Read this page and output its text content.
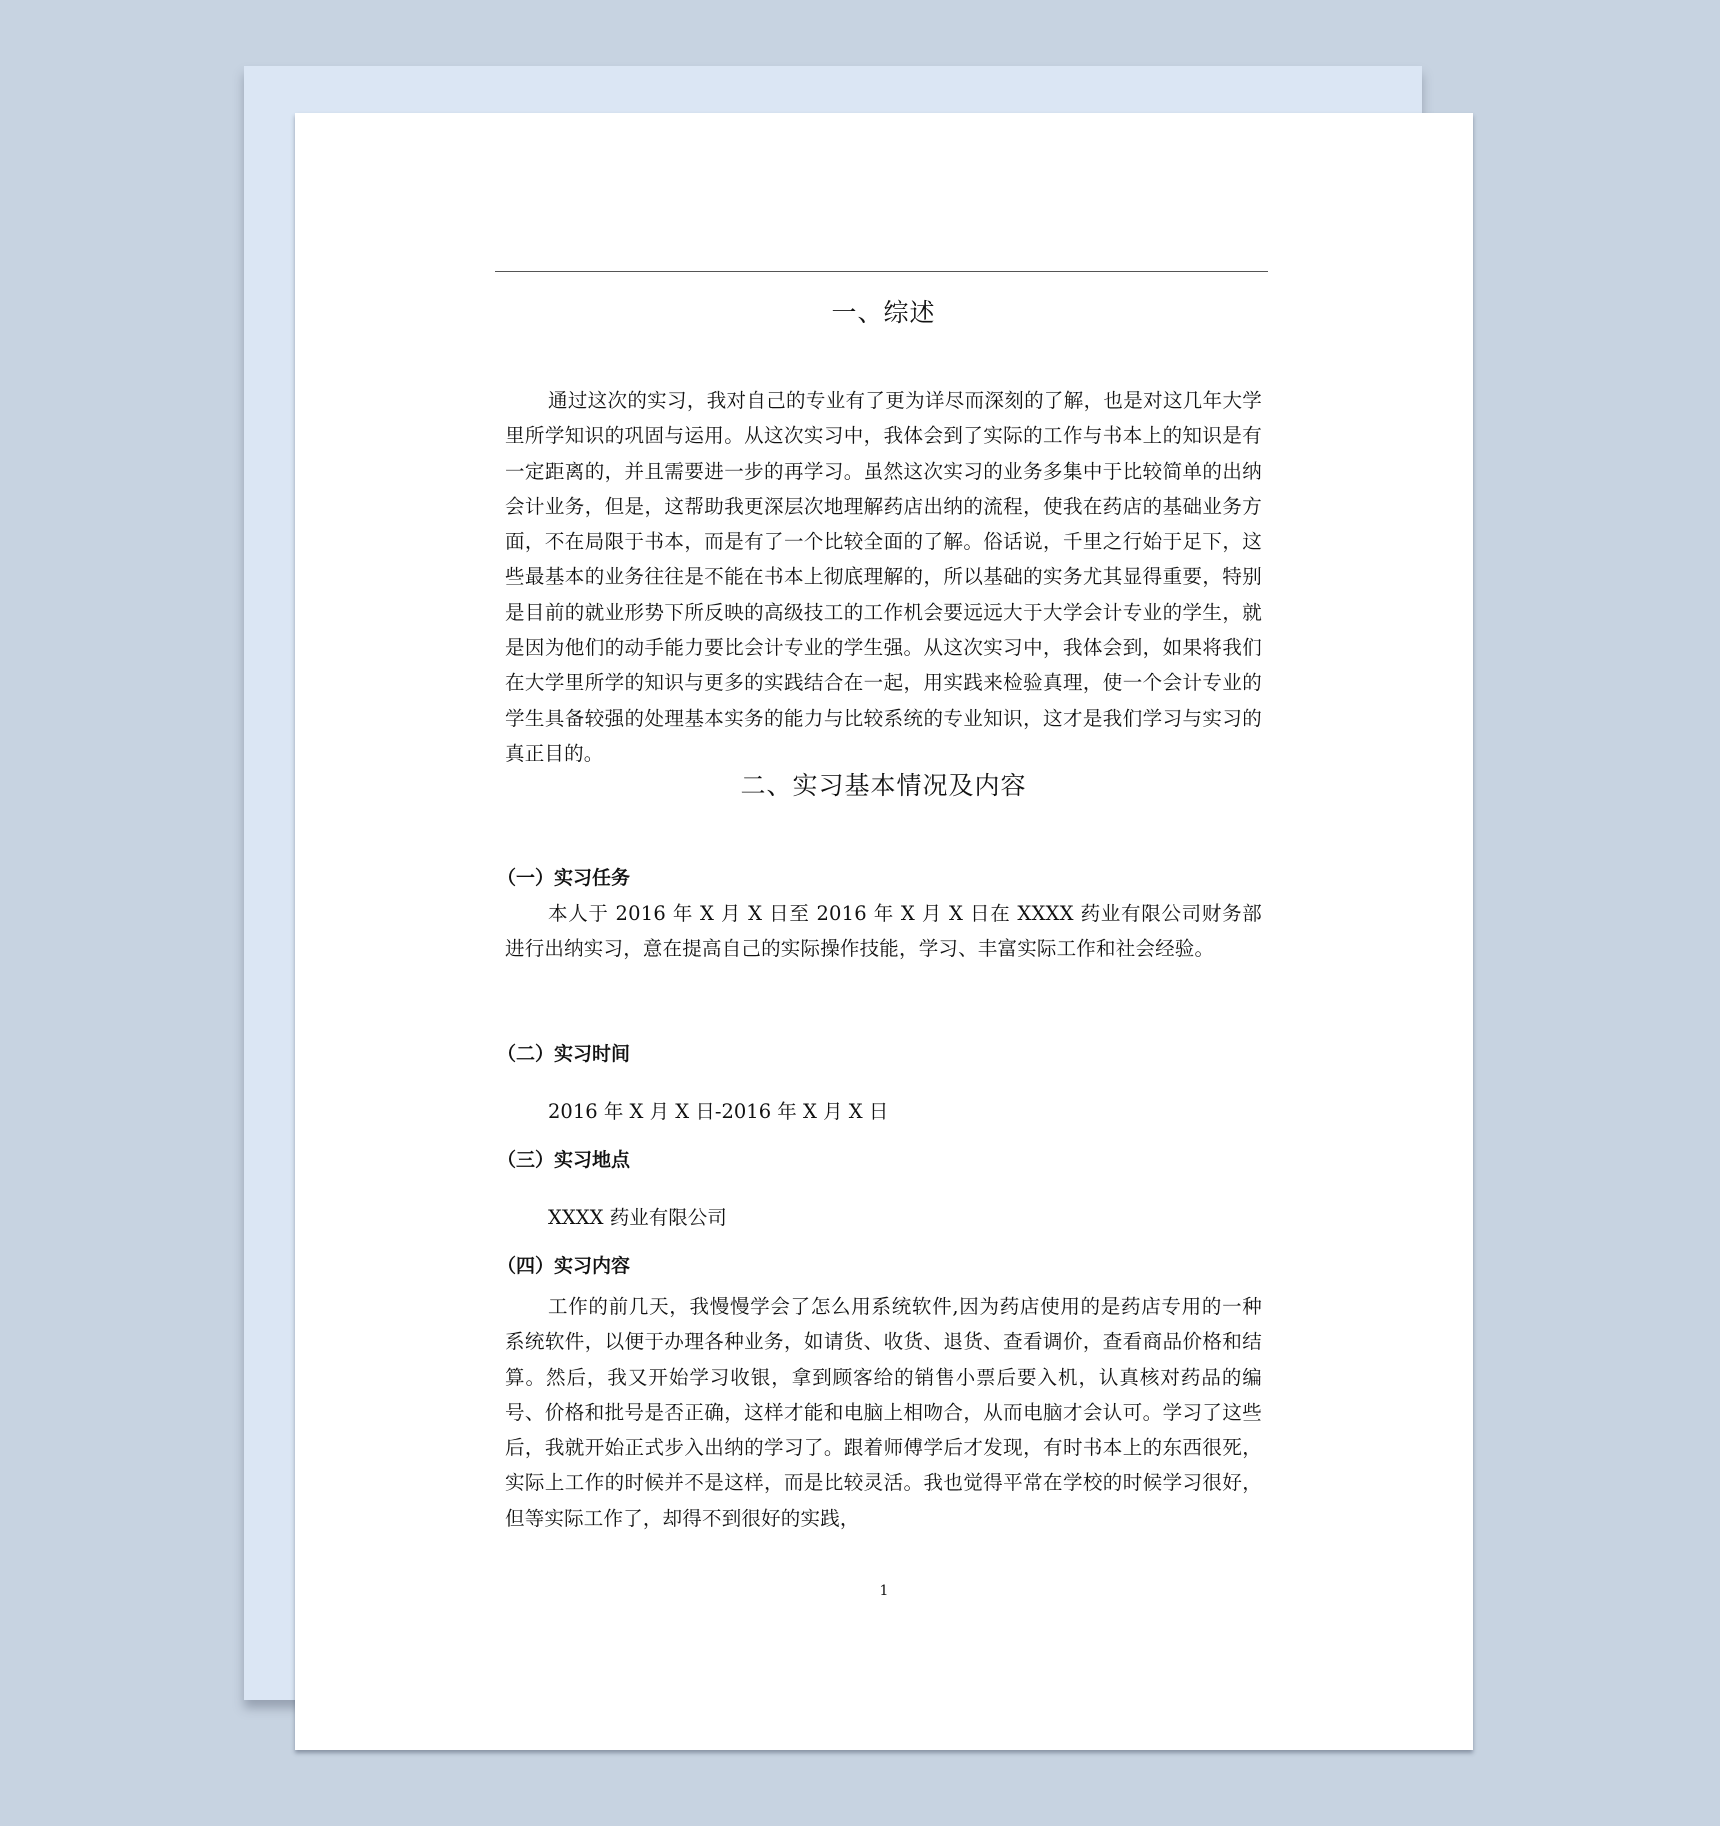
一、综述

通过这次的实习，我对自己的专业有了更为详尽而深刻的了解，也是对这几年大学里所学知识的巩固与运用。从这次实习中，我体会到了实际的工作与书本上的知识是有一定距离的，并且需要进一步的再学习。虽然这次实习的业务多集中于比较简单的出纳会计业务，但是，这帮助我更深层次地理解药店出纳的流程，使我在药店的基础业务方面，不在局限于书本，而是有了一个比较全面的了解。俗话说，千里之行始于足下，这些最基本的业务往往是不能在书本上彻底理解的，所以基础的实务尤其显得重要，特别是目前的就业形势下所反映的高级技工的工作机会要远远大于大学会计专业的学生，就是因为他们的动手能力要比会计专业的学生强。从这次实习中，我体会到，如果将我们在大学里所学的知识与更多的实践结合在一起，用实践来检验真理，使一个会计专业的学生具备较强的处理基本实务的能力与比较系统的专业知识，这才是我们学习与实习的真正目的。

二、实习基本情况及内容
（一）实习任务

本人于 2016 年 X 月 X 日至 2016 年 X 月 X 日在 XXXX 药业有限公司财务部进行出纳实习，意在提高自己的实际操作技能，学习、丰富实际工作和社会经验。

（二）实习时间

2016 年 X 月 X 日-2016 年 X 月 X 日

（三）实习地点

XXXX 药业有限公司

（四）实习内容

工作的前几天，我慢慢学会了怎么用系统软件,因为药店使用的是药店专用的一种系统软件，以便于办理各种业务，如请货、收货、退货、查看调价，查看商品价格和结算。然后，我又开始学习收银，拿到顾客给的销售小票后要入机，认真核对药品的编号、价格和批号是否正确，这样才能和电脑上相吻合，从而电脑才会认可。学习了这些后，我就开始正式步入出纳的学习了。跟着师傅学后才发现，有时书本上的东西很死，实际上工作的时候并不是这样，而是比较灵活。我也觉得平常在学校的时候学习很好，但等实际工作了，却得不到很好的实践，

1
